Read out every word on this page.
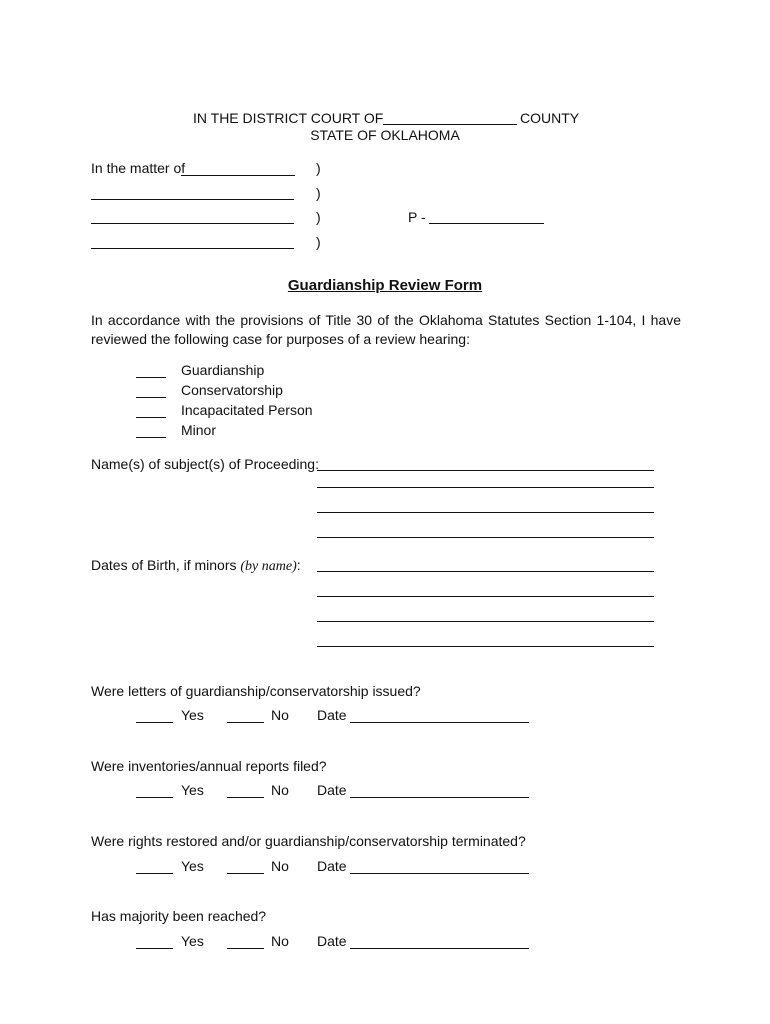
IN THE DISTRICT COURT OF	COUNTY
STATE OF OKLAHOMA
In the matter of	)
)
)
)
P -
Guardianship Review Form
In accordance with the provisions of Title 30 of the Oklahoma Statutes Section 1-104, I have reviewed the following case for purposes of a review hearing:
Guardianship
Conservatorship
Incapacitated Person
Minor
Name(s) of subject(s) of Proceeding:
Dates of Birth, if minors (by name):
Were letters of guardianship/conservatorship issued?
Yes	No Date
Were inventories/annual reports filed?
Yes	No Date
Were rights restored and/or guardianship/conservatorship terminated?
Yes	No Date
Has majority been reached?
Yes	No Date
